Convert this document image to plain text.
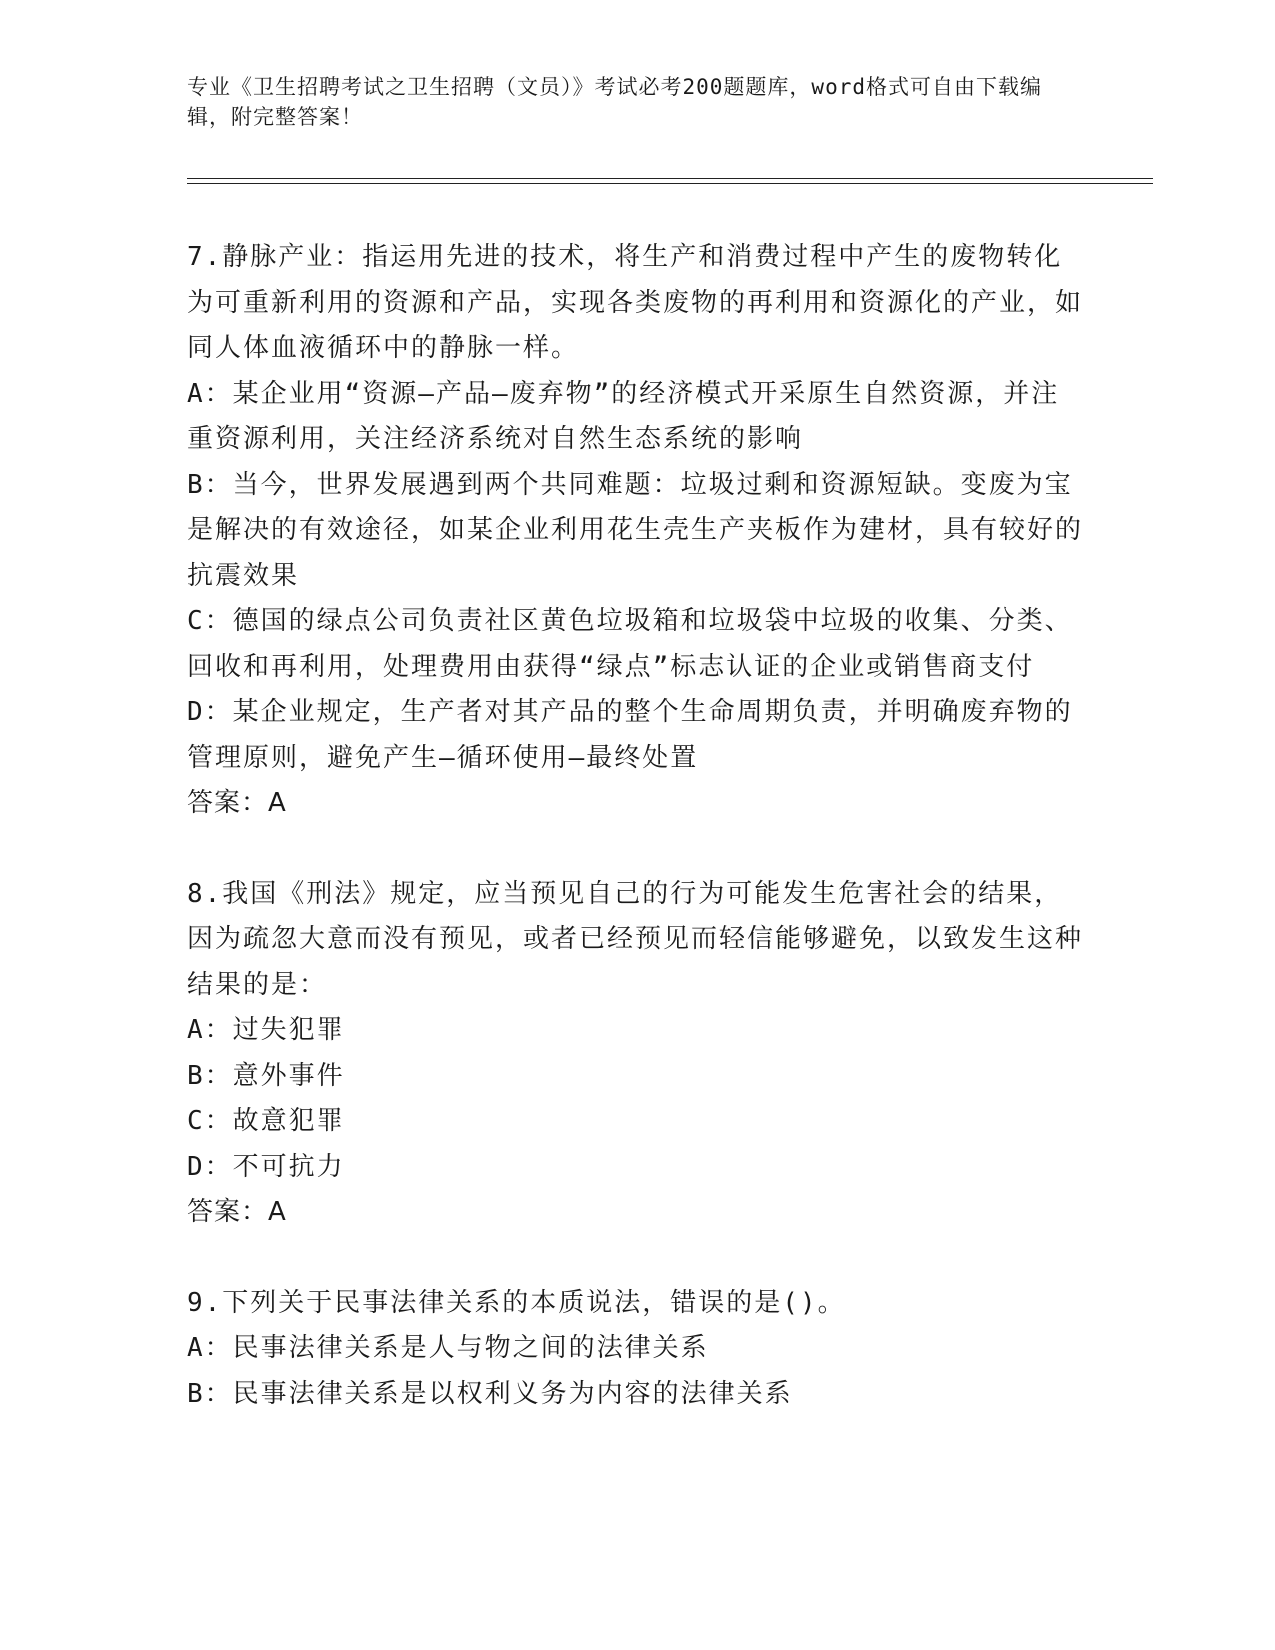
专业《卫生招聘考试之卫生招聘（文员）》考试必考200题题库，word格式可自由下载编辑，附完整答案！

7.静脉产业：指运用先进的技术，将生产和消费过程中产生的废物转化为可重新利用的资源和产品，实现各类废物的再利用和资源化的产业，如同人体血液循环中的静脉一样。

A：某企业用“资源—产品—废弃物”的经济模式开采原生自然资源，并注重资源利用，关注经济系统对自然生态系统的影响

B：当今，世界发展遇到两个共同难题：垃圾过剩和资源短缺。变废为宝是解决的有效途径，如某企业利用花生壳生产夹板作为建材，具有较好的抗震效果

C：德国的绿点公司负责社区黄色垃圾箱和垃圾袋中垃圾的收集、分类、回收和再利用，处理费用由获得“绿点”标志认证的企业或销售商支付

D：某企业规定，生产者对其产品的整个生命周期负责，并明确废弃物的管理原则，避免产生—循环使用—最终处置

答案：A

8.我国《刑法》规定，应当预见自己的行为可能发生危害社会的结果，因为疏忽大意而没有预见，或者已经预见而轻信能够避免，以致发生这种结果的是：

A：过失犯罪

B：意外事件

C：故意犯罪

D：不可抗力

答案：A

9.下列关于民事法律关系的本质说法，错误的是()。

A：民事法律关系是人与物之间的法律关系

B：民事法律关系是以权利义务为内容的法律关系
